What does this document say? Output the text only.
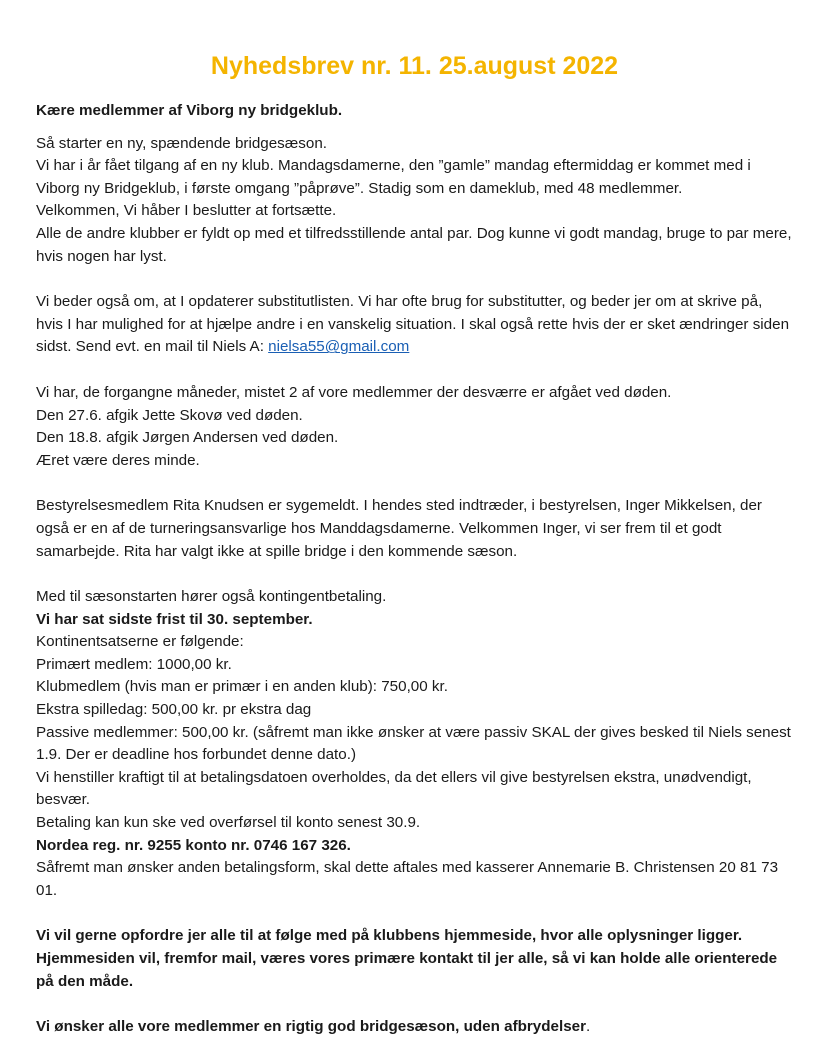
Nyhedsbrev nr. 11. 25.august 2022

Kære medlemmer af Viborg ny bridgeklub.

Så starter en ny, spændende bridgesæson.

Vi har i år fået tilgang af en ny klub. Mandagsdamerne, den ”gamle” mandag eftermiddag er kommet med i Viborg ny Bridgeklub, i første omgang ”påprøve”. Stadig som en dameklub, med 48 medlemmer.

Velkommen, Vi håber I beslutter at fortsætte.

Alle de andre klubber er fyldt op med et tilfredsstillende antal par. Dog kunne vi godt mandag, bruge to par mere, hvis nogen har lyst.

Vi beder også om, at I opdaterer substitutlisten. Vi har ofte brug for substitutter, og beder jer om at skrive på, hvis I har mulighed for at hjælpe andre i en vanskelig situation. I skal også rette hvis der er sket ændringer siden sidst. Send evt. en mail til Niels A: nielsa55@gmail.com

Vi har, de forgangne måneder, mistet 2 af vore medlemmer der desværre er afgået ved døden.

Den 27.6. afgik Jette Skovø ved døden.

Den 18.8. afgik Jørgen Andersen ved døden.

Æret være deres minde.

Bestyrelsesmedlem Rita Knudsen er sygemeldt. I hendes sted indtræder, i bestyrelsen, Inger Mikkelsen, der også er en af de turneringsansvarlige hos Manddagsdamerne. Velkommen Inger, vi ser frem til et godt samarbejde. Rita har valgt ikke at spille bridge i den kommende sæson.

Med til sæsonstarten hører også kontingentbetaling.

Vi har sat sidste frist til 30. september.

Kontinentsatserne er følgende:

Primært medlem: 1000,00 kr.

Klubmedlem (hvis man er primær i en anden klub): 750,00 kr.

Ekstra spilledag: 500,00 kr. pr ekstra dag

Passive medlemmer: 500,00 kr. (såfremt man ikke ønsker at være passiv SKAL der gives besked til Niels senest 1.9. Der er deadline hos forbundet denne dato.)

Vi henstiller kraftigt til at betalingsdatoen overholdes, da det ellers vil give bestyrelsen ekstra, unødvendigt, besvær.

Betaling kan kun ske ved overførsel til konto senest 30.9.

Nordea reg. nr. 9255 konto nr. 0746 167 326.

Såfremt man ønsker anden betalingsform, skal dette aftales med kasserer Annemarie B. Christensen 20 81 73 01.

Vi vil gerne opfordre jer alle til at følge med på klubbens hjemmeside, hvor alle oplysninger ligger. Hjemmesiden vil, fremfor mail, væres vores primære kontakt til jer alle, så vi kan holde alle orienterede på den måde.

Vi ønsker alle vore medlemmer en rigtig god bridgesæson, uden afbrydelser.
